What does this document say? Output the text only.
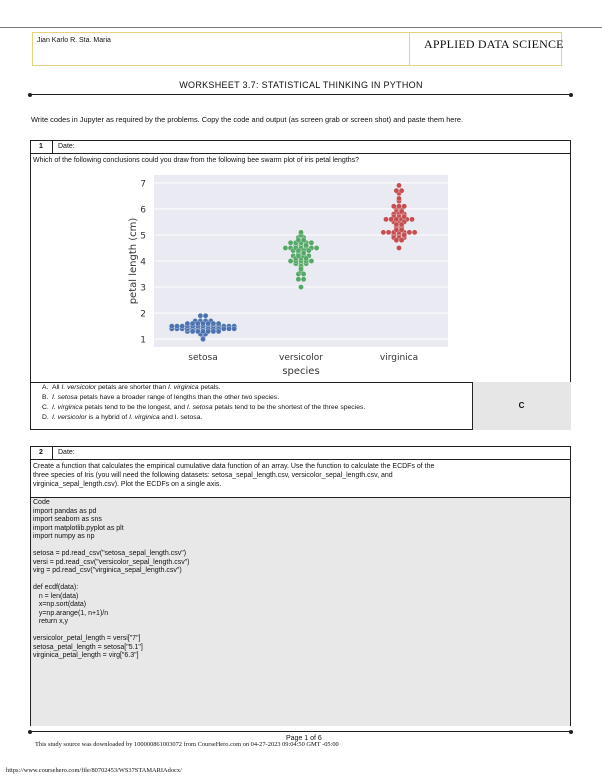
Jian Karlo R. Sta. Maria	APPLIED DATA SCIENCE
WORKSHEET 3.7: STATISTICAL THINKING IN PYTHON
Write codes in Jupyter as required by the problems. Copy the code and output (as screen grab or screen shot) and paste them here.
1 Date:
Which of the following conclusions could you draw from the following bee swarm plot of iris petal lengths?
1
2
3
4
5
6
7
setosa	versicolor	virginica
species
petal length (cm)
C
A. All I. versicolor petals are shorter than I. virginica petals.
B. I. setosa petals have a broader range of lengths than the other two species.
C. I. virginica petals tend to be the longest, and I. setosa petals tend to be the shortest of the three species.
D. I. versicolor is a hybrid of I. virginica and I. setosa.
2 Date:
Create a function that calculates the empirical cumulative data function of an array. Use the function to calculate the ECDFs of the
three species of Iris (you will need the following datasets: setosa_sepal_length.csv, versicolor_sepal_length.csv, and
virginica_sepal_length.csv). Plot the ECDFs on a single axis.
Code
import pandas as pd
import seaborn as sns
import matplotlib.pyplot as plt
import numpy as np

setosa = pd.read_csv("setosa_sepal_length.csv")
versi = pd.read_csv("versicolor_sepal_length.csv")
virg = pd.read_csv("virginica_sepal_length.csv")

def ecdf(data):
n = len(data)
x=np.sort(data)
y=np.arange(1, n+1)/n
return x,y

versicolor_petal_length = versi["7"]
setosa_petal_length = setosa["5.1"]
virginica_petal_length = virg["6.3"]
Page 1 of 6
This study source was downloaded by 100000861003072 from CourseHero.com on 04-27-2023 09:04:50 GMT -05:00
https://www.coursehero.com/file/80702453/WS37STAMARIAdocx/
